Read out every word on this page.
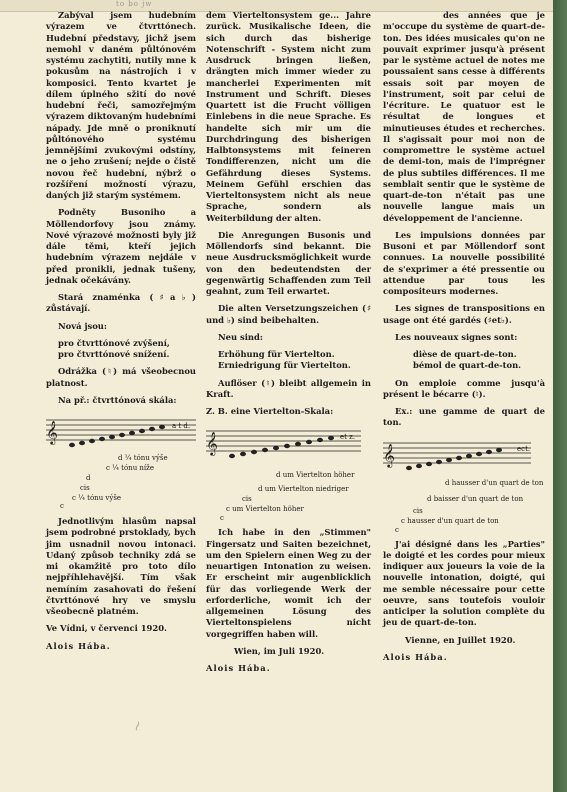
to bo jw

Zabýval jsem hudebním výrazem ve čtvrttónech. Hudební představy, jichž jsem nemohl v daném půltónovém systému zachytiti, nutily mne k pokusům na nástrojích i v komposici. Tento kvartet je dílem úplného sžití do nové hudební řeči, samozřejmým výrazem diktovaným hudebními nápady. Jde mně o proniknutí půltónového systému jemnějšími zvukovými odstíny, ne o jeho zrušení; nejde o čistě novou řeč hudební, nýbrž o rozšíření možností výrazu, daných již starým systémem.

Podněty Busoniho a Möllendorfovy jsou známy. Nové výrazové možnosti byly již dále těmi, kteří jejich hudebním výrazem nejdále v před pronikli, jednak tušeny, jednak očekávány.

Stará znaménka (♯a♭) zůstávají.

Nová jsou:

pro čtvrttónové zvýšení,
pro čtvrttónové snížení.

Odrážka (♮) má všeobecnou platnost.

Na př.: čtvrttónová skála:

𝄞	a t d.
d ¼ tónu výše
c ¼ tónu níže
d
cis
c ¼ tónu výše
c

Jednotlivým hlasům napsal jsem podrobné prstoklady, bych jim usnadnil novou intonaci. Udaný způsob techniky zdá se mi okamžitě pro toto dílo nejpříhlehavější. Tím však nemíním zasahovati do řešení čtvrttónové hry ve smyslu všeobecně platném.

Ve Vídni, v červenci 1920.

Alois Hába.

dem Vierteltonsystem ge... Jahre zurück. Musikalische Ideen, die sich durch das bisherige Notenschrift - System nicht zum Ausdruck bringen ließen, drängten mich immer wieder zu mancherlei Experimenten mit Instrument und Schrift. Dieses Quartett ist die Frucht völligen Einlebens in die neue Sprache. Es handelte sich mir um die Durchdringung des bisherigen Halbtonsystems mit feineren Tondifferenzen, nicht um die Gefährdung dieses Systems. Meinem Gefühl erschien das Vierteltonsystem nicht als neue Sprache, sondern als Weiterbildung der alten.

Die Anregungen Busonis und Möllendorfs sind bekannt. Die neue Ausdrucksmöglichkeit wurde von den bedeutendsten der gegenwärtig Schaffenden zum Teil geahnt, zum Teil erwartet.

Die alten Versetzungszeichen (♯ und ♭) sind beibehalten.

Neu sind:

Erhöhung für Viertelton.
Erniedrigung für Viertelton.

Auflöser (♮) bleibt allgemein in Kraft.

Z. B. eine Viertelton-Skala:

𝄞	et z.
d um Viertelton höher
d um Viertelton niedriger
cis
c um Viertelton höher
c

Ich habe in den „Stimmen" Fingersatz und Saiten bezeichnet, um den Spielern einen Weg zu der neuartigen Intonation zu weisen. Er erscheint mir augenblicklich für das vorliegende Werk der erforderliche, womit ich der allgemeinen Lösung des Vierteltonspielens nicht vorgegriffen haben will.

Wien, im Juli 1920.

Alois Hába.

des années que je m'occupe du système de quart-de-ton. Des idées musicales qu'on ne pouvait exprimer jusqu'à présent par le système actuel de notes me poussaient sans cesse à différents essais soit par moyen de l'instrument, soit par celui de l'écriture. Le quatuor est le résultat de longues et minutieuses études et recherches. Il s'agissait pour moi non de compromettre le système actuel de demi-ton, mais de l'imprégner de plus subtiles différences. Il me semblait sentir que le système de quart-de-ton n'était pas une nouvelle langue mais un développement de l'ancienne.

Les impulsions données par Busoni et par Möllendorf sont connues. La nouvelle possibilité de s'exprimer a été pressentie ou attendue par tous les compositeurs modernes.

Les signes de transpositions en usage ont été gardés (♯et♭).

Les nouveaux signes sont:

dièse de quart-de-ton.
bémol de quart-de-ton.

On emploie comme jusqu'à présent le bécarre (♮).

Ex.: une gamme de quart de ton.

𝄞	ect.
d hausser d'un quart de ton
d baisser d'un quart de ton
cis
c hausser d'un quart de ton
c

J'ai désigné dans les „Parties" le doigté et les cordes pour mieux indiquer aux joueurs la voie de la nouvelle intonation, doigté, qui me semble nécessaire pour cette oeuvre, sans toutefois vouloir anticiper la solution complète du jeu de quart-de-ton.

Vienne, en Juillet 1920.

Alois Hába.

~
